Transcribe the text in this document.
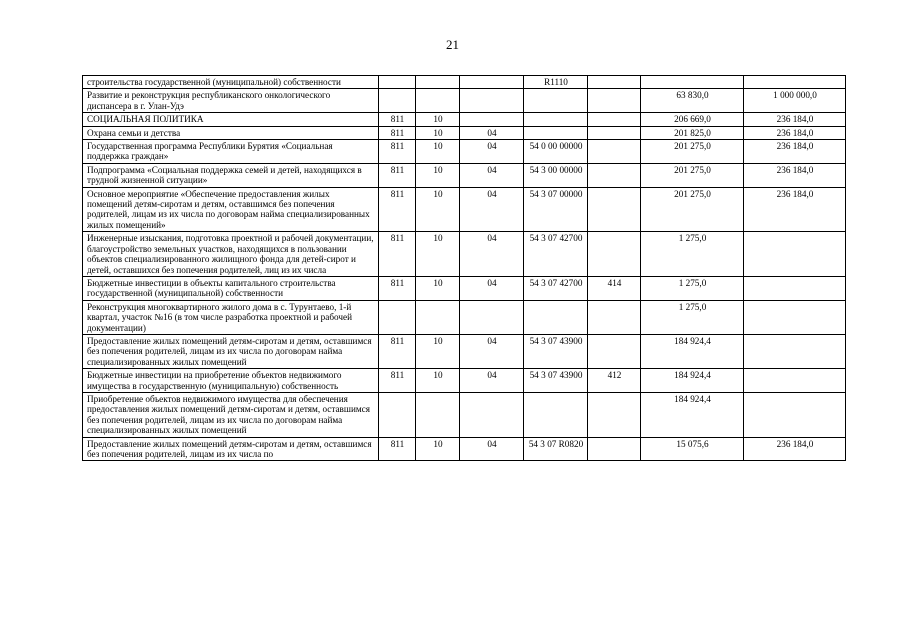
21
строительства государственной (муниципальной) собственности				R1110			
Развитие и реконструкция республиканского онкологического диспансера в г. Улан-Удэ						63 830,0	1 000 000,0
СОЦИАЛЬНАЯ ПОЛИТИКА	811	10				206 669,0	236 184,0
Охрана семьи и детства	811	10	04			201 825,0	236 184,0
Государственная программа Республики Бурятия «Социальная поддержка граждан»	811	10	04	54 0 00 00000		201 275,0	236 184,0
Подпрограмма «Социальная поддержка семей и детей, находящихся в трудной жизненной ситуации»	811	10	04	54 3 00 00000		201 275,0	236 184,0
Основное мероприятие «Обеспечение предоставления жилых помещений детям-сиротам и детям, оставшимся без попечения родителей, лицам из их числа по договорам найма специализированных жилых помещений»	811	10	04	54 3 07 00000		201 275,0	236 184,0
Инженерные изыскания, подготовка проектной и рабочей документации, благоустройство земельных участков, находящихся в пользовании объектов специализированного жилищного фонда для детей-сирот и детей, оставшихся без попечения родителей, лиц из их числа	811	10	04	54 3 07 42700		1 275,0	
Бюджетные инвестиции в объекты капитального строительства государственной (муниципальной) собственности	811	10	04	54 3 07 42700	414	1 275,0	
Реконструкция многоквартирного жилого дома в с. Турунтаево, 1-й квартал, участок №16 (в том числе разработка проектной и рабочей документации)						1 275,0	
Предоставление жилых помещений детям-сиротам и детям, оставшимся без попечения родителей, лицам из их числа по договорам найма специализированных жилых помещений	811	10	04	54 3 07 43900		184 924,4	
Бюджетные инвестиции на приобретение объектов недвижимого имущества в государственную (муниципальную) собственность	811	10	04	54 3 07 43900	412	184 924,4	
Приобретение объектов недвижимого имущества для обеспечения предоставления жилых помещений детям-сиротам и детям, оставшимся без попечения родителей, лицам из их числа по договорам найма специализированных жилых помещений						184 924,4	
Предоставление жилых помещений детям-сиротам и детям, оставшимся без попечения родителей, лицам из их числа по	811	10	04	54 3 07 R0820		15 075,6	236 184,0
